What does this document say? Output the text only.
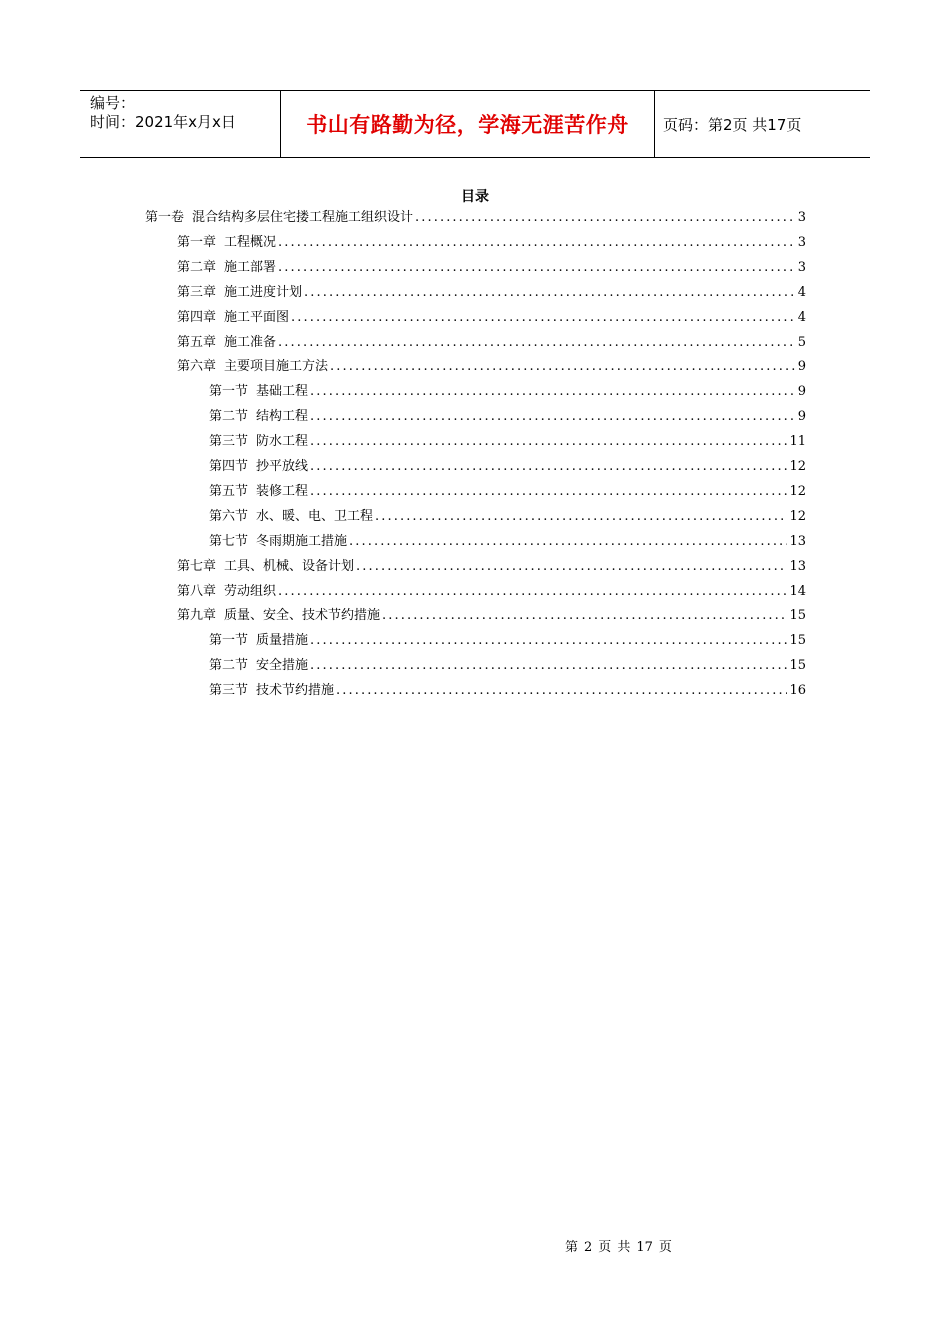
编号：
时间：2021年x月x日	书山有路勤为径，学海无涯苦作舟	页码：第2页 共17页
目录
第一卷 混合结构多层住宅搂工程施工组织设计 .....	3
第一章 工程概况 .....	3
第二章 施工部署 .....	3
第三章 施工进度计划 .....	4
第四章 施工平面图 .....	4
第五章 施工准备 .....	5
第六章 主要项目施工方法 .....	9
第一节 基础工程 .....	9
第二节 结构工程 .....	9
第三节 防水工程 .....	11
第四节 抄平放线 .....	12
第五节 装修工程 .....	12
第六节 水、暖、电、卫工程 .....	12
第七节 冬雨期施工措施 .....	13
第七章 工具、机械、设备计划 .....	13
第八章 劳动组织 .....	14
第九章 质量、安全、技术节约措施 .....	15
第一节 质量措施 .....	15
第二节 安全措施 .....	15
第三节 技术节约措施 .....	16
第 2 页 共 17 页
